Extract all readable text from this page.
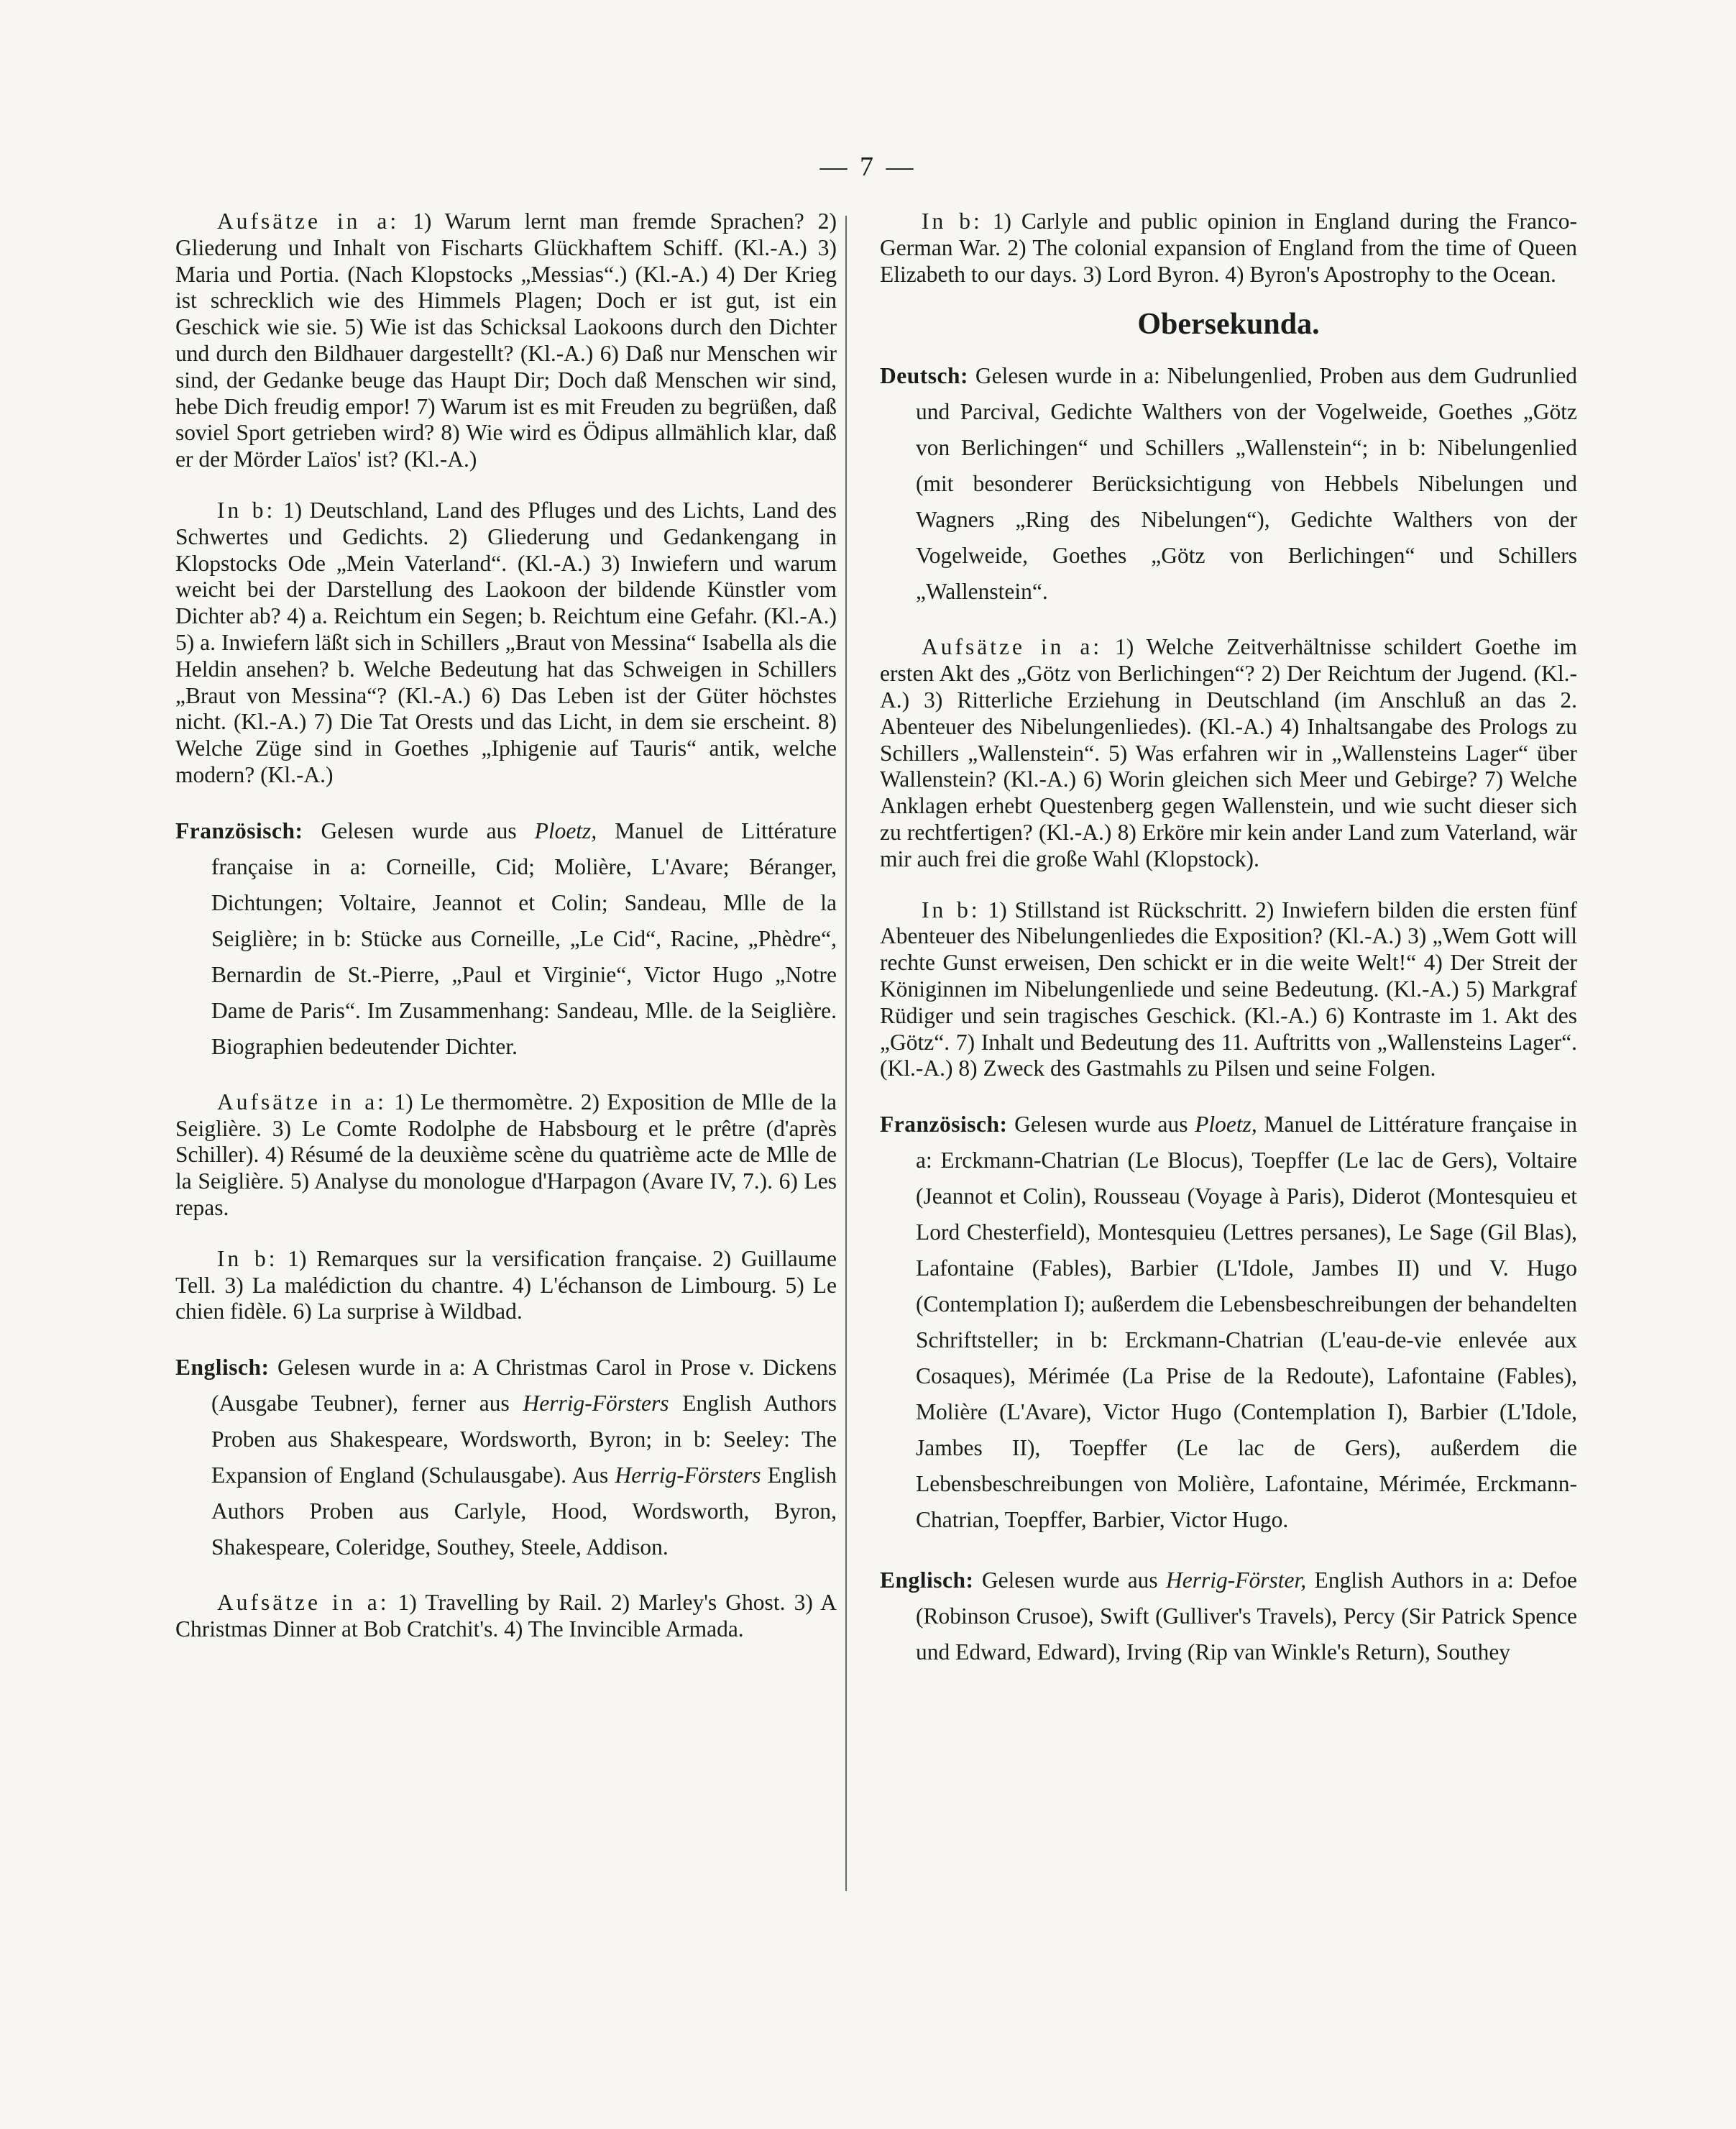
— 7 —

Aufsätze in a: 1) Warum lernt man fremde Sprachen? 2) Gliederung und Inhalt von Fischarts Glückhaftem Schiff. (Kl.-A.) 3) Maria und Portia. (Nach Klopstocks „Messias“.) (Kl.-A.) 4) Der Krieg ist schrecklich wie des Himmels Plagen; Doch er ist gut, ist ein Geschick wie sie. 5) Wie ist das Schicksal Laokoons durch den Dichter und durch den Bildhauer dargestellt? (Kl.-A.) 6) Daß nur Menschen wir sind, der Gedanke beuge das Haupt Dir; Doch daß Menschen wir sind, hebe Dich freudig empor! 7) Warum ist es mit Freuden zu begrüßen, daß soviel Sport getrieben wird? 8) Wie wird es Ödipus allmählich klar, daß er der Mörder Laïos' ist? (Kl.-A.)

In b: 1) Deutschland, Land des Pfluges und des Lichts, Land des Schwertes und Gedichts. 2) Gliederung und Gedankengang in Klopstocks Ode „Mein Vaterland“. (Kl.-A.) 3) Inwiefern und warum weicht bei der Darstellung des Laokoon der bildende Künstler vom Dichter ab? 4) a. Reichtum ein Segen; b. Reichtum eine Gefahr. (Kl.-A.) 5) a. Inwiefern läßt sich in Schillers „Braut von Messina“ Isabella als die Heldin ansehen? b. Welche Bedeutung hat das Schweigen in Schillers „Braut von Messina“? (Kl.-A.) 6) Das Leben ist der Güter höchstes nicht. (Kl.-A.) 7) Die Tat Orests und das Licht, in dem sie erscheint. 8) Welche Züge sind in Goethes „Iphigenie auf Tauris“ antik, welche modern? (Kl.-A.)

Französisch: Gelesen wurde aus Ploetz, Manuel de Littérature française in a: Corneille, Cid; Molière, L'Avare; Béranger, Dichtungen; Voltaire, Jeannot et Colin; Sandeau, Mlle de la Seiglière; in b: Stücke aus Corneille, „Le Cid“, Racine, „Phèdre“, Bernardin de St.-Pierre, „Paul et Virginie“, Victor Hugo „Notre Dame de Paris“. Im Zusammenhang: Sandeau, Mlle. de la Seiglière. Biographien bedeutender Dichter.

Aufsätze in a: 1) Le thermomètre. 2) Exposition de Mlle de la Seiglière. 3) Le Comte Rodolphe de Habsbourg et le prêtre (d'après Schiller). 4) Résumé de la deuxième scène du quatrième acte de Mlle de la Seiglière. 5) Analyse du monologue d'Harpagon (Avare IV, 7.). 6) Les repas.

In b: 1) Remarques sur la versification française. 2) Guillaume Tell. 3) La malédiction du chantre. 4) L'échanson de Limbourg. 5) Le chien fidèle. 6) La surprise à Wildbad.

Englisch: Gelesen wurde in a: A Christmas Carol in Prose v. Dickens (Ausgabe Teubner), ferner aus Herrig-Försters English Authors Proben aus Shakespeare, Wordsworth, Byron; in b: Seeley: The Expansion of England (Schulausgabe). Aus Herrig-Försters English Authors Proben aus Carlyle, Hood, Wordsworth, Byron, Shakespeare, Coleridge, Southey, Steele, Addison.

Aufsätze in a: 1) Travelling by Rail. 2) Marley's Ghost. 3) A Christmas Dinner at Bob Cratchit's. 4) The Invincible Armada.

In b: 1) Carlyle and public opinion in England during the Franco-German War. 2) The colonial expansion of England from the time of Queen Elizabeth to our days. 3) Lord Byron. 4) Byron's Apostrophy to the Ocean.

Obersekunda.

Deutsch: Gelesen wurde in a: Nibelungenlied, Proben aus dem Gudrunlied und Parcival, Gedichte Walthers von der Vogelweide, Goethes „Götz von Berlichingen“ und Schillers „Wallenstein“; in b: Nibelungenlied (mit besonderer Berücksichtigung von Hebbels Nibelungen und Wagners „Ring des Nibelungen“), Gedichte Walthers von der Vogelweide, Goethes „Götz von Berlichingen“ und Schillers „Wallenstein“.

Aufsätze in a: 1) Welche Zeitverhältnisse schildert Goethe im ersten Akt des „Götz von Berlichingen“? 2) Der Reichtum der Jugend. (Kl.-A.) 3) Ritterliche Erziehung in Deutschland (im Anschluß an das 2. Abenteuer des Nibelungenliedes). (Kl.-A.) 4) Inhaltsangabe des Prologs zu Schillers „Wallenstein“. 5) Was erfahren wir in „Wallensteins Lager“ über Wallenstein? (Kl.-A.) 6) Worin gleichen sich Meer und Gebirge? 7) Welche Anklagen erhebt Questenberg gegen Wallenstein, und wie sucht dieser sich zu rechtfertigen? (Kl.-A.) 8) Erköre mir kein ander Land zum Vaterland, wär mir auch frei die große Wahl (Klopstock).

In b: 1) Stillstand ist Rückschritt. 2) Inwiefern bilden die ersten fünf Abenteuer des Nibelungenliedes die Exposition? (Kl.-A.) 3) „Wem Gott will rechte Gunst erweisen, Den schickt er in die weite Welt!“ 4) Der Streit der Königinnen im Nibelungenliede und seine Bedeutung. (Kl.-A.) 5) Markgraf Rüdiger und sein tragisches Geschick. (Kl.-A.) 6) Kontraste im 1. Akt des „Götz“. 7) Inhalt und Bedeutung des 11. Auftritts von „Wallensteins Lager“. (Kl.-A.) 8) Zweck des Gastmahls zu Pilsen und seine Folgen.

Französisch: Gelesen wurde aus Ploetz, Manuel de Littérature française in a: Erckmann-Chatrian (Le Blocus), Toepffer (Le lac de Gers), Voltaire (Jeannot et Colin), Rousseau (Voyage à Paris), Diderot (Montesquieu et Lord Chesterfield), Montesquieu (Lettres persanes), Le Sage (Gil Blas), Lafontaine (Fables), Barbier (L'Idole, Jambes II) und V. Hugo (Contemplation I); außerdem die Lebensbeschreibungen der behandelten Schriftsteller; in b: Erckmann-Chatrian (L'eau-de-vie enlevée aux Cosaques), Mérimée (La Prise de la Redoute), Lafontaine (Fables), Molière (L'Avare), Victor Hugo (Contemplation I), Barbier (L'Idole, Jambes II), Toepffer (Le lac de Gers), außerdem die Lebensbeschreibungen von Molière, Lafontaine, Mérimée, Erckmann-Chatrian, Toepffer, Barbier, Victor Hugo.

Englisch: Gelesen wurde aus Herrig-Förster, English Authors in a: Defoe (Robinson Crusoe), Swift (Gulliver's Travels), Percy (Sir Patrick Spence und Edward, Edward), Irving (Rip van Winkle's Return), Southey
